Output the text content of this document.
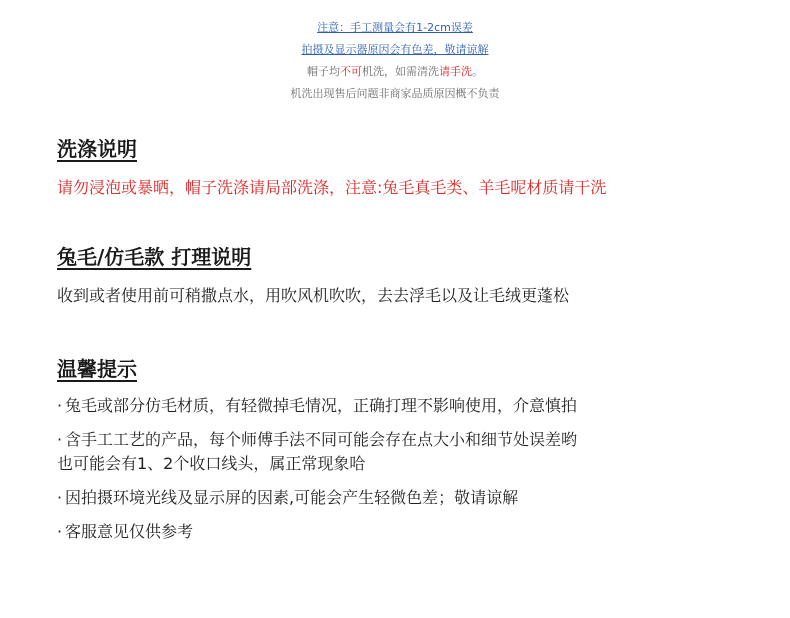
注意：手工测量会有1-2cm误差
拍摄及显示器原因会有色差，敬请谅解
帽子均不可机洗，如需清洗请手洗。
机洗出现售后问题非商家品质原因概不负责
洗涤说明
请勿浸泡或暴晒，帽子洗涤请局部洗涤，注意:兔毛真毛类、羊毛呢材质请干洗
兔毛/仿毛款 打理说明
收到或者使用前可稍撒点水，用吹风机吹吹，去去浮毛以及让毛绒更蓬松
温馨提示
· 兔毛或部分仿毛材质，有轻微掉毛情况，正确打理不影响使用，介意慎拍
· 含手工工艺的产品，每个师傅手法不同可能会存在点大小和细节处误差哟
也可能会有1、2个收口线头，属正常现象哈
· 因拍摄环境光线及显示屏的因素,可能会产生轻微色差；敬请谅解
· 客服意见仅供参考
